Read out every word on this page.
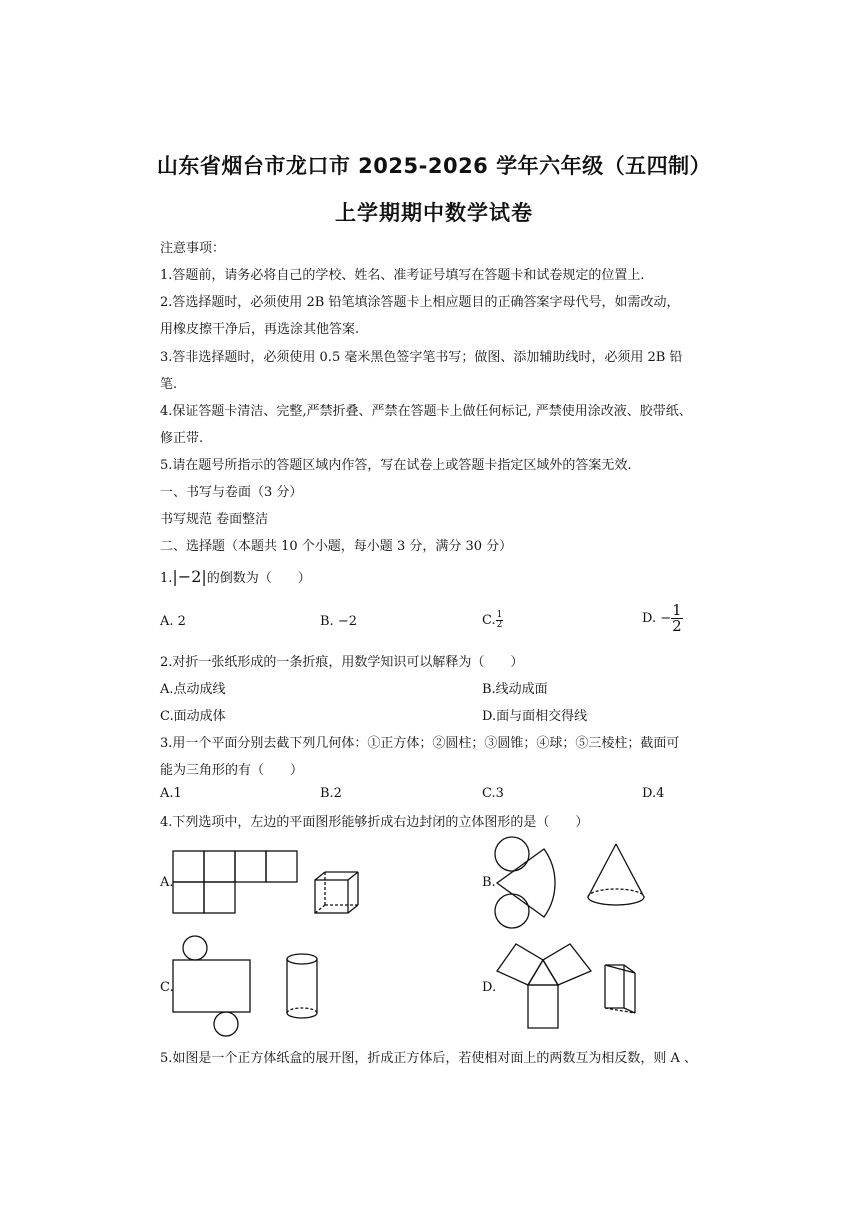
山东省烟台市龙口市 2025-2026 学年六年级（五四制）
上学期期中数学试卷
注意事项：
1.答题前，请务必将自己的学校、姓名、准考证号填写在答题卡和试卷规定的位置上.
2.答选择题时，必须使用 2B 铅笔填涂答题卡上相应题目的正确答案字母代号，如需改动，
用橡皮擦干净后，再选涂其他答案.
3.答非选择题时，必须使用 0.5 毫米黑色签字笔书写；做图、添加辅助线时，必须用 2B 铅
笔.
4.保证答题卡清洁、完整,严禁折叠、严禁在答题卡上做任何标记, 严禁使用涂改液、胶带纸、
修正带.
5.请在题号所指示的答题区域内作答，写在试卷上或答题卡指定区域外的答案无效.
一、书写与卷面（3 分）
书写规范 卷面整洁
二、选择题（本题共 10 个小题，每小题 3 分，满分 30 分）
1.|−2|的倒数为（　　）
A. 2	B. −2	C. $\frac{1}{2}$	D. − $\frac{1}{2}$
2.对折一张纸形成的一条折痕，用数学知识可以解释为（　　）
A.点动成线	B.线动成面
C.面动成体	D.面与面相交得线
3.用一个平面分别去截下列几何体：①正方体；②圆柱；③圆锥；④球；⑤三棱柱；截面可
能为三角形的有（　　）
A.1	B.2	C.3	D.4
4.下列选项中，左边的平面图形能够折成右边封闭的立体图形的是（　　）
A.	B.
C.	D.
5.如图是一个正方体纸盒的展开图，折成正方体后，若使相对面上的两数互为相反数，则 A 、
